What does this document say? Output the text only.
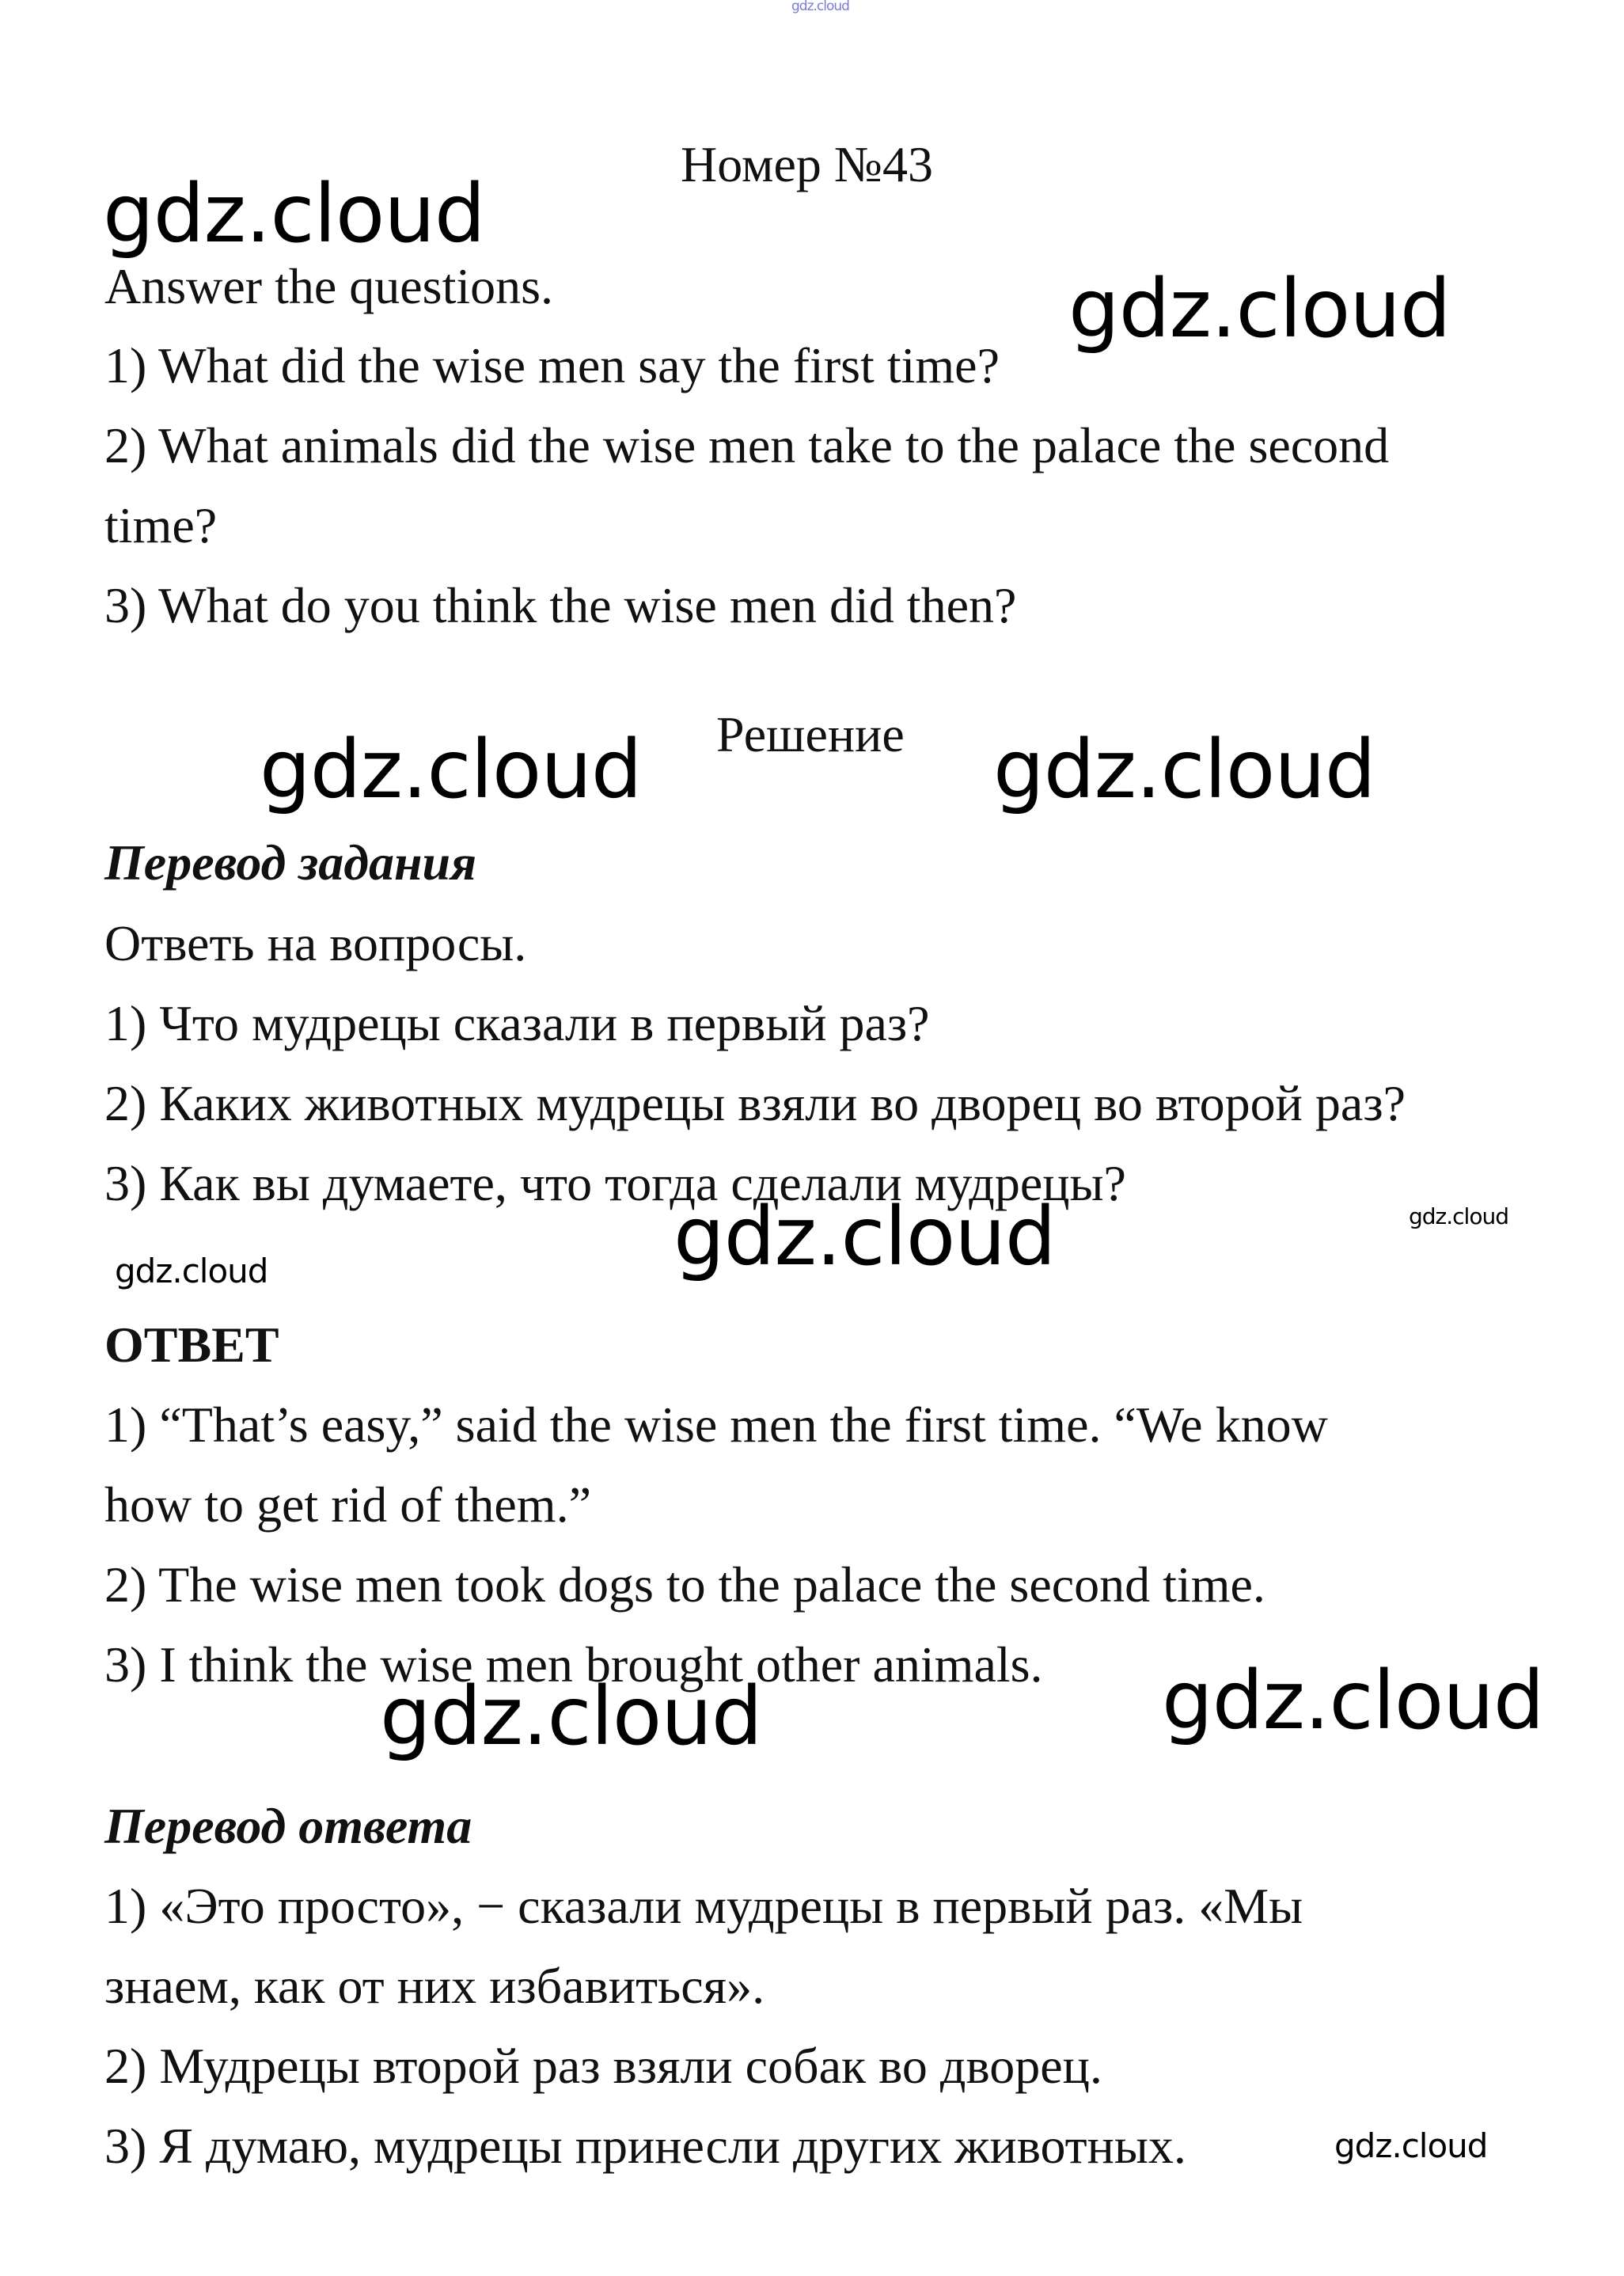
gdz.cloud
Номер №43

Answer the questions.

1) What did the wise men say the first time?

2) What animals did the wise men take to the palace the second

time?

3) What do you think the wise men did then?

Решение

Перевод задания

Ответь на вопросы.

1) Что мудрецы сказали в первый раз?

2) Каких животных мудрецы взяли во дворец во второй раз?

3) Как вы думаете, что тогда сделали мудрецы?

ОТВЕТ

1) “That’s easy,” said the wise men the first time. “We know

how to get rid of them.”

2) The wise men took dogs to the palace the second time.

3) I think the wise men brought other animals.

Перевод ответа

1) «Это просто», − сказали мудрецы в первый раз. «Мы

знаем, как от них избавиться».

2) Мудрецы второй раз взяли собак во дворец.

3) Я думаю, мудрецы принесли других животных.

gdz.cloud
gdz.cloud
gdz.cloud	gdz.cloud
gdz.cloud	gdz.cloud
gdz.cloud
gdz.cloud	gdz.cloud
gdz.cloud
